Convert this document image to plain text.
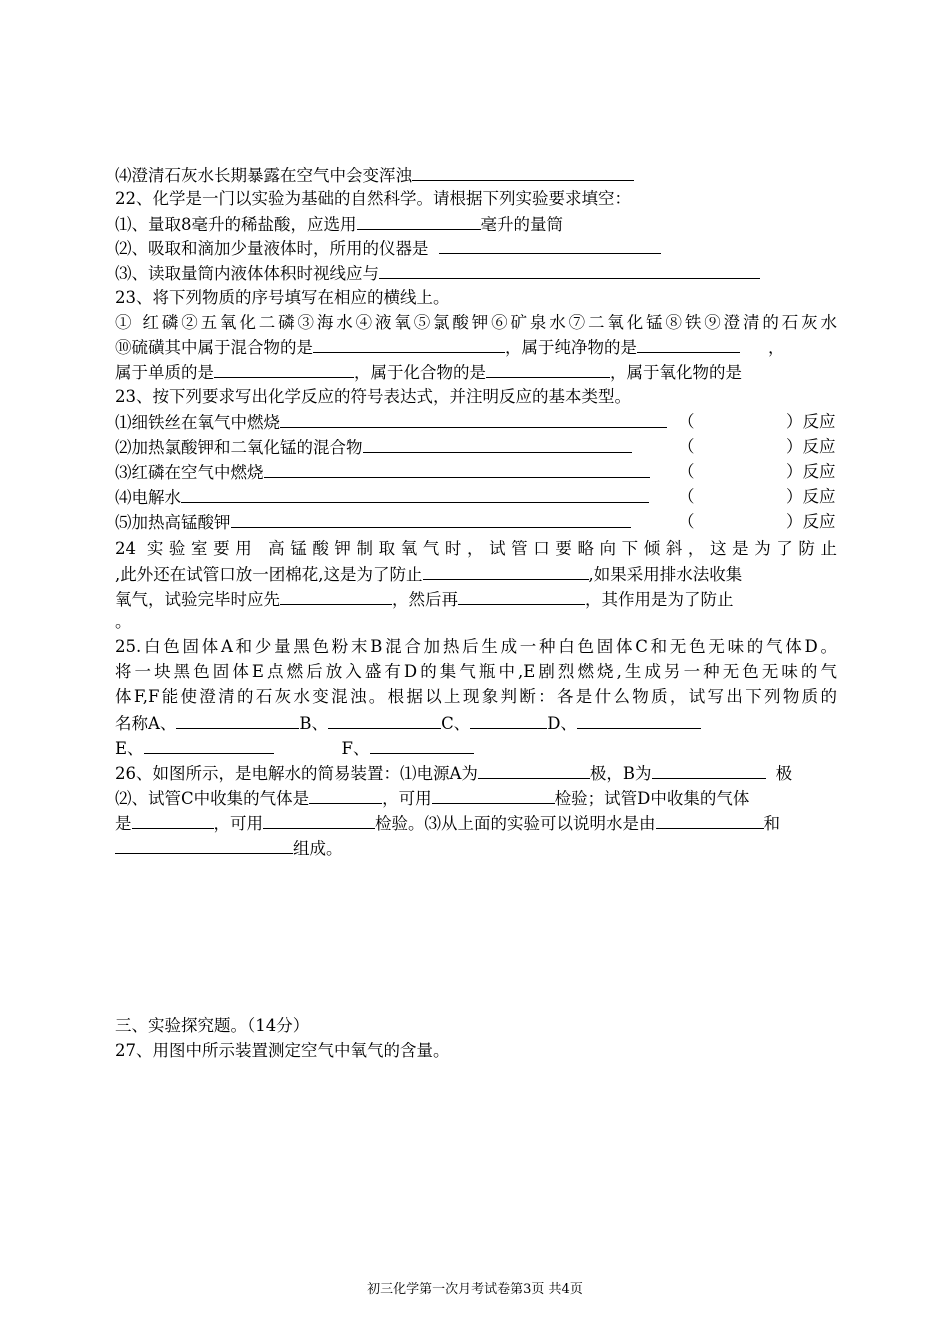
⑷澄清石灰水长期暴露在空气中会变浑浊
22、化学是一门以实验为基础的自然科学。请根据下列实验要求填空：
⑴、量取8毫升的稀盐酸，应选用	毫升的量筒
⑵、吸取和滴加少量液体时，所用的仪器是
⑶、读取量筒内液体体积时视线应与
23、将下列物质的序号填写在相应的横线上。
① 红磷②五氧化二磷③海水④液氧⑤氯酸钾⑥矿泉水⑦二氧化锰⑧铁⑨澄清的石灰水
⑩硫磺其中属于混合物的是	，属于纯净物的是	，
属于单质的是	，属于化合物的是	，属于氧化物的是
23、按下列要求写出化学反应的符号表达式，并注明反应的基本类型。
⑴细铁丝在氧气中燃烧	（	）反应
⑵加热氯酸钾和二氧化锰的混合物	（	）反应
⑶红磷在空气中燃烧	（	）反应
⑷电解水	（	）反应
⑸加热高锰酸钾	（	）反应
24 实验室要用 高锰酸钾制取氧气时，试管口要略向下倾斜，这是为了防止
,此外还在试管口放一团棉花,这是为了防止	,如果采用排水法收集
氧气，试验完毕时应先	，然后再	，其作用是为了防止
。
25.白色固体A和少量黑色粉末B混合加热后生成一种白色固体C和无色无味的气体D。
将一块黑色固体E点燃后放入盛有D的集气瓶中,E剧烈燃烧,生成另一种无色无味的气
体F,F能使澄清的石灰水变混浊。根据以上现象判断：各是什么物质，试写出下列物质的
名称A、	B、	C、	D、
E、	F、
26、如图所示，是电解水的简易装置：⑴电源A为	极，B为	极
⑵、试管C中收集的气体是	，可用	检验；试管D中收集的气体
是	，可用	检验。⑶从上面的实验可以说明水是由	和
组成。
三、实验探究题。（14分）
27、用图中所示装置测定空气中氧气的含量。
初三化学第一次月考试卷第3页 共4页
